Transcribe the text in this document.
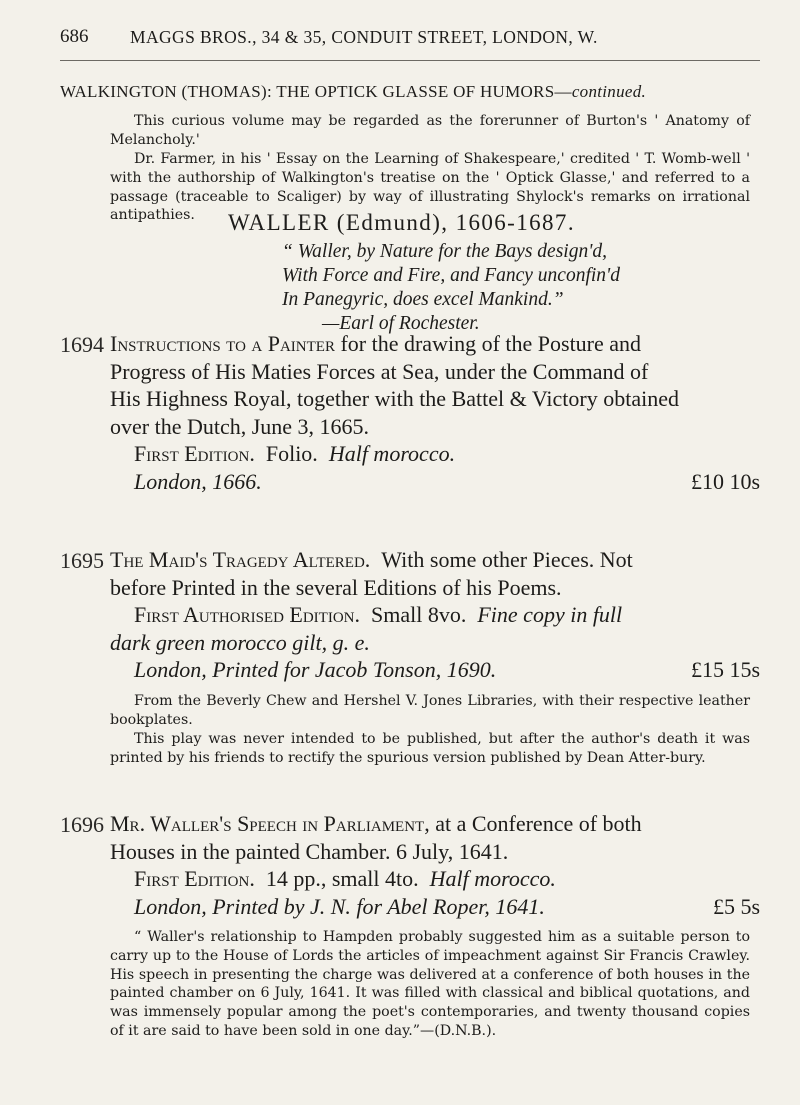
686 MAGGS BROS., 34 & 35, CONDUIT STREET, LONDON, W.
WALKINGTON (THOMAS): THE OPTICK GLASSE OF HUMORS—continued.

This curious volume may be regarded as the forerunner of Burton's ' Anatomy of Melancholy.'

Dr. Farmer, in his ' Essay on the Learning of Shakespeare,' credited ' T. Womb-well ' with the authorship of Walkington's treatise on the ' Optick Glasse,' and referred to a passage (traceable to Scaliger) by way of illustrating Shylock's remarks on irrational antipathies.	WALLER (Edmund), 1606-1687.
“ Waller, by Nature for the Bays design'd,
With Force and Fire, and Fancy unconfin'd
In Panegyric, does excel Mankind.”
—Earl of Rochester.
1694 Instructions to a Painter for the drawing of the Posture and
Progress of His Maties Forces at Sea, under the Command of
His Highness Royal, together with the Battel & Victory obtained
over the Dutch, June 3, 1665.
First Edition. Folio. Half morocco.
London, 1666.	£10 10s
1695 The Maid's Tragedy Altered. With some other Pieces. Not
before Printed in the several Editions of his Poems.
First Authorised Edition. Small 8vo. Fine copy in full
dark green morocco gilt, g. e.
London, Printed for Jacob Tonson, 1690.	£15 15s

From the Beverly Chew and Hershel V. Jones Libraries, with their respective leather bookplates.

This play was never intended to be published, but after the author's death it was printed by his friends to rectify the spurious version published by Dean Atter-bury.

1696 Mr. Waller's Speech in Parliament, at a Conference of both
Houses in the painted Chamber. 6 July, 1641.
First Edition. 14 pp., small 4to. Half morocco.
London, Printed by J. N. for Abel Roper, 1641.	£5 5s

“ Waller's relationship to Hampden probably suggested him as a suitable person to carry up to the House of Lords the articles of impeachment against Sir Francis Crawley. His speech in presenting the charge was delivered at a conference of both houses in the painted chamber on 6 July, 1641. It was filled with classical and biblical quotations, and was immensely popular among the poet's contemporaries, and twenty thousand copies of it are said to have been sold in one day.”—(D.N.B.).
